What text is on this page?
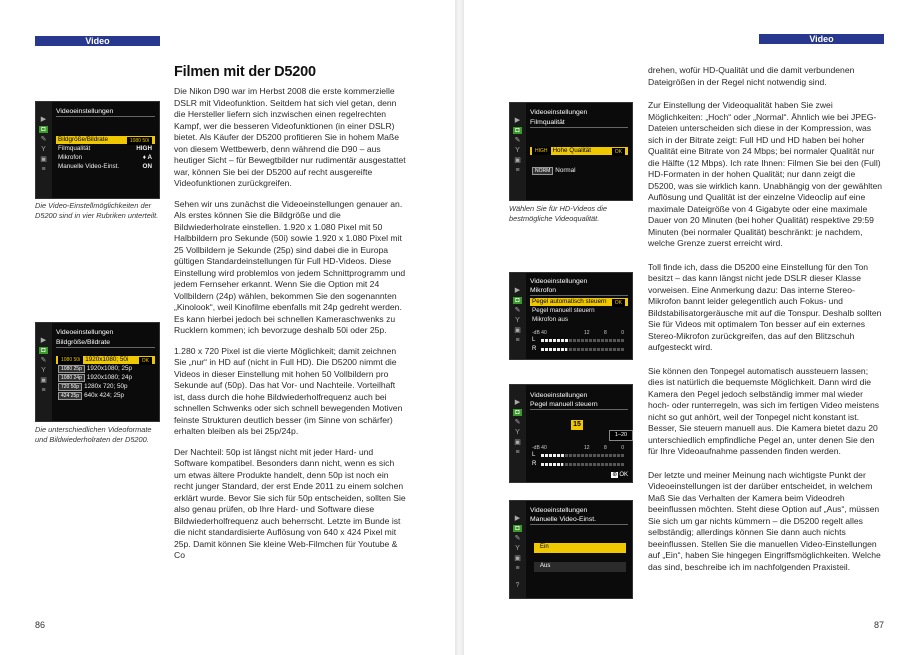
Video
Filmen mit der D5200

Die Nikon D90 war im Herbst 2008 die erste kommerzielle DSLR mit Videofunktion. Seitdem hat sich viel getan, denn die Hersteller liefern sich inzwischen einen regelrechten Kampf, wer die besseren Videofunktionen (in einer DSLR) bietet. Als Käufer der D5200 profitieren Sie in hohem Maße von diesem Wettbewerb, denn während die D90 – aus heutiger Sicht – für Bewegtbilder nur rudimentär ausgestattet war, können Sie bei der D5200 auf recht ausgereifte Videofunktionen zurückgreifen.

Sehen wir uns zunächst die Videoeinstellungen genauer an. Als erstes können Sie die Bildgröße und die Bildwiederholrate einstellen. 1.920 x 1.080 Pixel mit 50 Halbbildern pro Sekunde (50i) sowie 1.920 x 1.080 Pixel mit 25 Vollbildern je Sekunde (25p) sind dabei die in Europa gültigen Standardeinstellungen für Full HD-Videos. Diese Einstellung wird problemlos von jedem Schnittprogramm und jedem Fernseher erkannt. Wenn Sie die Option mit 24 Vollbildern (24p) wählen, bekommen Sie den sogenannten „Kinolook“, weil Kinofilme ebenfalls mit 24p gedreht werden. Es kann hierbei jedoch bei schnellen Kameraschwenks zu Rucklern kommen; ich bevorzuge deshalb 50i oder 25p.

1.280 x 720 Pixel ist die vierte Möglichkeit; damit zeichnen Sie „nur“ in HD auf (nicht in Full HD). Die D5200 nimmt die Videos in dieser Einstellung mit hohen 50 Vollbildern pro Sekunde auf (50p). Das hat Vor- und Nachteile. Vorteilhaft ist, dass durch die hohe Bildwiederholfrequenz auch bei schnellen Schwenks oder sich schnell bewegenden Motiven feinste Strukturen deutlich besser (im Sinne von schärfer) erhalten bleiben als bei 25p/24p.

Der Nachteil: 50p ist längst nicht mit jeder Hard- und Software kompatibel. Besonders dann nicht, wenn es sich um etwas ältere Produkte handelt, denn 50p ist noch ein recht junger Standard, der erst Ende 2011 zu einem solchen erklärt wurde. Bevor Sie sich für 50p entscheiden, sollten Sie also genau prüfen, ob Ihre Hard- und Software diese Bildwiederholfrequenz auch beherrscht. Letzte im Bunde ist die nicht standardisierte Auflösung von 640 x 424 Pixel mit 25p. Damit können Sie kleine Web-Filmchen für Youtube & Co

▶
◘
✎
Y
▣
≡
Videoeinstellungen
Bildgröße/Bildrate	1080 50i
Filmqualität	HIGH
Mikrofon	♦ A
Manuelle Video-Einst.	ON
Die Video-Einstellmöglichkeiten der D5200 sind in vier Rubriken unterteilt.
▶
◘
✎
Y
▣
≡
Videoeinstellungen
Bildgröße/Bildrate
1080 50i 1920x1080; 50i	OK
1080 25p 1920x1080; 25p
1080 24p 1920x1080; 24p
720 50p 1280x 720; 50p
424 25p 640x 424; 25p
Die unterschiedlichen Videoformate und Bildwiederholraten der D5200.
86
Video

drehen, wofür HD-Qualität und die damit verbundenen Dateigrößen in der Regel nicht notwendig sind.

Zur Einstellung der Videoqualität haben Sie zwei Möglichkeiten: „Hoch“ oder „Normal“. Ähnlich wie bei JPEG-Dateien unterscheiden sich diese in der Kompression, was sich in der Bitrate zeigt: Full HD und HD haben bei hoher Qualität eine Bitrate von 24 Mbps; bei normaler Qualität nur die Hälfte (12 Mbps). Ich rate Ihnen: Filmen Sie bei den (Full) HD-Formaten in der hohen Qualität; nur dann zeigt die D5200, was sie wirklich kann. Unabhängig von der gewählten Auflösung und Qualität ist der einzelne Videoclip auf eine maximale Dateigröße von 4 Gigabyte oder eine maximale Dauer von 20 Minuten (bei hoher Qualität) respektive 29:59 Minuten (bei normaler Qualität) beschränkt: je nachdem, welche Grenze zuerst erreicht wird.

Toll finde ich, dass die D5200 eine Einstellung für den Ton besitzt – das kann längst nicht jede DSLR dieser Klasse vorweisen. Eine Anmerkung dazu: Das interne Stereo-Mikrofon bannt leider gelegentlich auch Fokus- und Bildstabilisatorgeräusche mit auf die Tonspur. Deshalb sollten Sie für Videos mit optimalem Ton besser auf ein externes Stereo-Mikrofon zurückgreifen, das auf den Blitzschuh aufgesteckt wird.

Sie können den Tonpegel automatisch aussteuern lassen; dies ist natürlich die bequemste Möglichkeit. Dann wird die Kamera den Pegel jedoch selbständig immer mal wieder hoch- oder runterregeln, was sich im fertigen Video meistens nicht so gut anhört, weil der Tonpegel nicht konstant ist. Besser, Sie steuern manuell aus. Die Kamera bietet dazu 20 unterschiedlich empfindliche Pegel an, unter denen Sie den für Ihre Videoaufnahme passenden finden werden.

Der letzte und meiner Meinung nach wichtigste Punkt der Videoeinstellungen ist der darüber entscheidet, in welchem Maß Sie das Verhalten der Kamera beim Videodreh beeinflussen möchten. Steht diese Option auf „Aus“, müssen Sie sich um gar nichts kümmern – die D5200 regelt alles selbständig; allerdings können Sie dann auch nichts beeinflussen. Stellen Sie die manuellen Video-Einstellungen auf „Ein“, haben Sie hingegen Eingriffsmöglichkeiten. Welche das sind, beschreibe ich im nachfolgenden Praxisteil.

▶
◘
✎
Y
▣
≡
Videoeinstellungen
Filmqualität
HIGH Hohe Qualität	OK
NORM Normal
Wählen Sie für HD-Videos die bestmögliche Videoqualität.
▶
◘
✎
Y
▣
≡
Videoeinstellungen
Mikrofon
Pegel automatisch steuern	OK
Pegel manuell steuern
Mikrofon aus
-dB 40	12	8	0
L
R
▶
◘
✎
Y
▣
≡
Videoeinstellungen
Pegel manuell steuern
15
1–20
-dB 40	12	8	0
L
R
⊛ OK
▶
◘
✎
Y
▣
≡
?
Videoeinstellungen
Manuelle Video-Einst.
Ein
Aus
87
